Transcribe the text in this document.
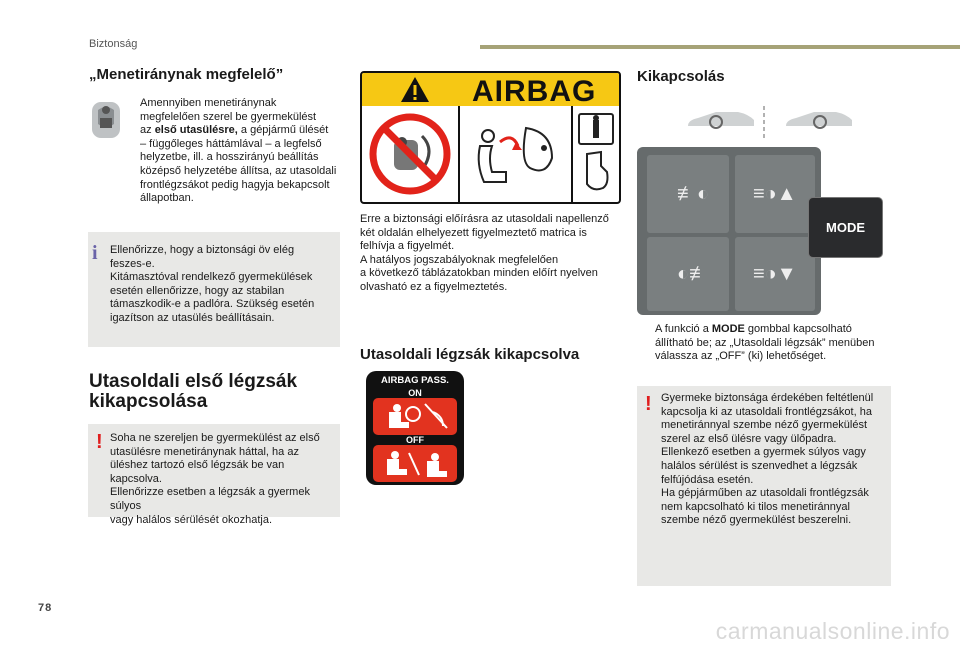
Biztonság
„Menetiránynak megfelelő”
Amennyiben menetiránynak
megfelelően szerel be gyermekülést
az első utasülésre, a gépjármű ülését
– függőleges háttámlával – a legfelső
helyzetbe, ill. a hosszirányú beállítás
középső helyzetébe állítsa, az utasoldali
frontlégzsákot pedig hagyja bekapcsolt
állapotban.
i Ellenőrizze, hogy a biztonsági öv elég
feszes-e.
Kitámasztóval rendelkező gyermekülések
esetén ellenőrizze, hogy az stabilan
támaszkodik-e a padlóra. Szükség esetén
igazítson az utasülés beállításain.
Utasoldali első légzsák
kikapcsolása
! Soha ne szereljen be gyermekülést az első
utasülésre menetiránynak háttal, ha az
üléshez tartozó első légzsák be van kapcsolva.
Ellenőrizze esetben a légzsák a gyermek súlyos
vagy halálos sérülését okozhatja.
AIRBAG
Erre a biztonsági előírásra az utasoldali napellenző
két oldalán elhelyezett figyelmeztető matrica is
felhívja a figyelmét.
A hatályos jogszabályoknak megfelelően
a következő táblázatokban minden előírt nyelven
olvasható ez a figyelmeztetés.
Utasoldali légzsák kikapcsolva
AIRBAG PASS.
ON
OFF
Kikapcsolás
≢◐ ≡◑▲
◐≢ ≡◑▼
MODE
A funkció a MODE gombbal kapcsolható
állítható be; az „Utasoldali légzsák” menüben
válassza az „OFF” (ki) lehetőséget.
! Gyermeke biztonsága érdekében feltétlenül
kapcsolja ki az utasoldali frontlégzsákot, ha
menetiránnyal szembe néző gyermekülést
szerel az első ülésre vagy ülőpadra.
Ellenkező esetben a gyermek súlyos vagy
halálos sérülést is szenvedhet a légzsák
felfújódása esetén.
Ha gépjárműben az utasoldali frontlégzsák
nem kapcsolható ki tilos menetiránnyal
szembe néző gyermekülést beszerelni.
78
carmanualsonline.info
